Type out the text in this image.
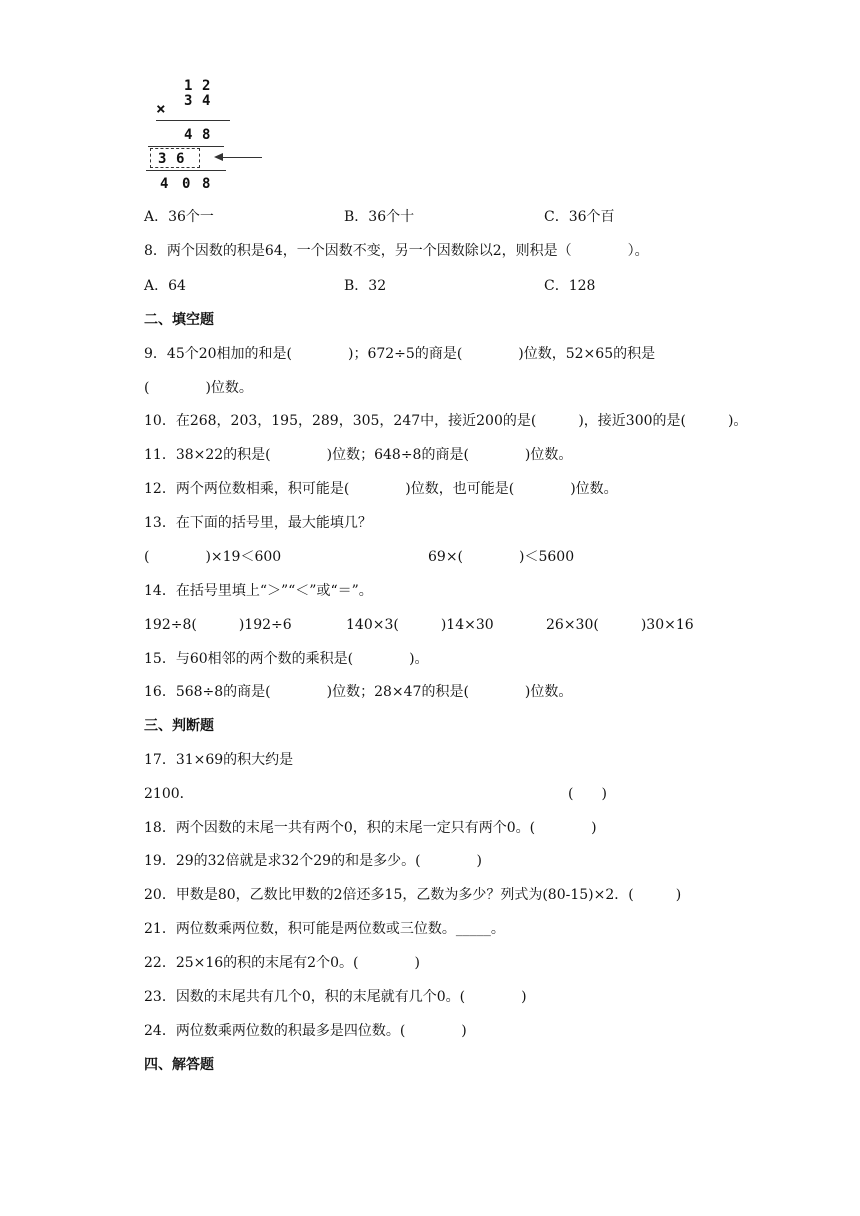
1 2
× 3 4
4 8
3 6
4 0 8
A．36个一	B．36个十	C．36个百
8．两个因数的积是64，一个因数不变，另一个因数除以2，则积是（　　　　）。
A．64	B．32	C．128
二、填空题
9．45个20相加的和是(　　　　)；672÷5的商是(　　　　)位数，52×65的积是
(　　　　)位数。
10．在268，203，195，289，305，247中，接近200的是(　　　)，接近300的是(　　　)。
11．38×22的积是(　　　　)位数；648÷8的商是(　　　　)位数。
12．两个两位数相乘，积可能是(　　　　)位数，也可能是(　　　　)位数。
13．在下面的括号里，最大能填几？
(　　　　)×19＜600	69×(　　　　)＜5600
14．在括号里填上“＞”“＜”或“＝”。
192÷8(　　　)192÷6	140×3(　　　)14×30	26×30(　　　)30×16
15．与60相邻的两个数的乘积是(　　　　)。
16．568÷8的商是(　　　　)位数；28×47的积是(　　　　)位数。
三、判断题
17．31×69的积大约是
2100．	(　　)
18．两个因数的末尾一共有两个0，积的末尾一定只有两个0。(　　　　)
19．29的32倍就是求32个29的和是多少。(　　　　)
20．甲数是80，乙数比甲数的2倍还多15，乙数为多少？列式为(80-15)×2．(　　　)
21．两位数乘两位数，积可能是两位数或三位数。_____。
22．25×16的积的末尾有2个0。(　　　　)
23．因数的末尾共有几个0，积的末尾就有几个0。(　　　　)
24．两位数乘两位数的积最多是四位数。(　　　　)
四、解答题
